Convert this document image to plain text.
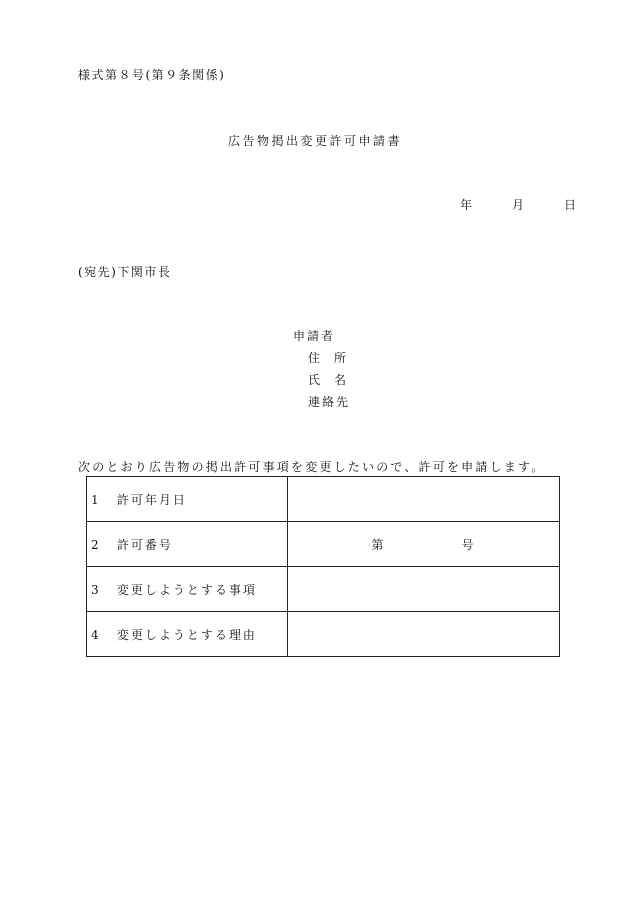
様式第８号(第９条関係)
広告物掲出変更許可申請書
年	月	日
(宛先)下関市長
申請者
住所
氏名
連絡先
次のとおり広告物の掲出許可事項を変更したいので、許可を申請します。
1 許可年月日	
2 許可番号	第 号

3 変更しようとする事項	
4 変更しようとする理由	
